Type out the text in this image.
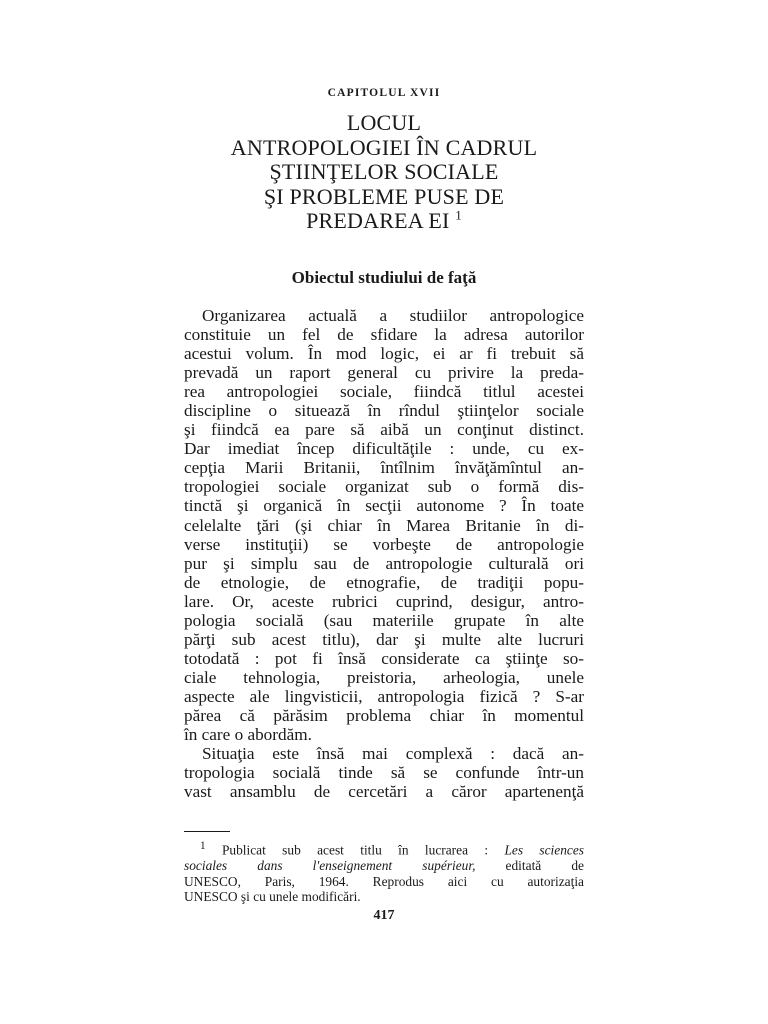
CAPITOLUL XVII
LOCUL
ANTROPOLOGIEI ÎN CADRUL
ŞTIINŢELOR SOCIALE
ŞI PROBLEME PUSE DE
PREDAREA EI $^1$
Obiectul studiului de faţă
Organizarea actuală a studiilor antropologice
constituie un fel de sfidare la adresa autorilor
acestui volum. În mod logic, ei ar fi trebuit să
prevadă un raport general cu privire la preda-
rea antropologiei sociale, fiindcă titlul acestei
discipline o situează în rîndul ştiinţelor sociale
şi fiindcă ea pare să aibă un conţinut distinct.
Dar imediat încep dificultăţile : unde, cu ex-
cepţia Marii Britanii, întîlnim învăţămîntul an-
tropologiei sociale organizat sub o formă dis-
tinctă şi organică în secţii autonome ? În toate
celelalte ţări (şi chiar în Marea Britanie în di-
verse instituţii) se vorbeşte de antropologie
pur şi simplu sau de antropologie culturală ori
de etnologie, de etnografie, de tradiţii popu-
lare. Or, aceste rubrici cuprind, desigur, antro-
pologia socială (sau materiile grupate în alte
părţi sub acest titlu), dar şi multe alte lucruri
totodată : pot fi însă considerate ca ştiinţe so-
ciale tehnologia, preistoria, arheologia, unele
aspecte ale lingvisticii, antropologia fizică ? S-ar
părea că părăsim problema chiar în momentul
în care o abordăm.
Situaţia este însă mai complexă : dacă an-
tropologia socială tinde să se confunde într-un
vast ansamblu de cercetări a căror apartenenţă
$^1$ Publicat sub acest titlu în lucrarea : Les sciences
sociales dans l'enseignement supérieur, editată de
UNESCO, Paris, 1964. Reprodus aici cu autorizaţia
UNESCO şi cu unele modificări.
417
